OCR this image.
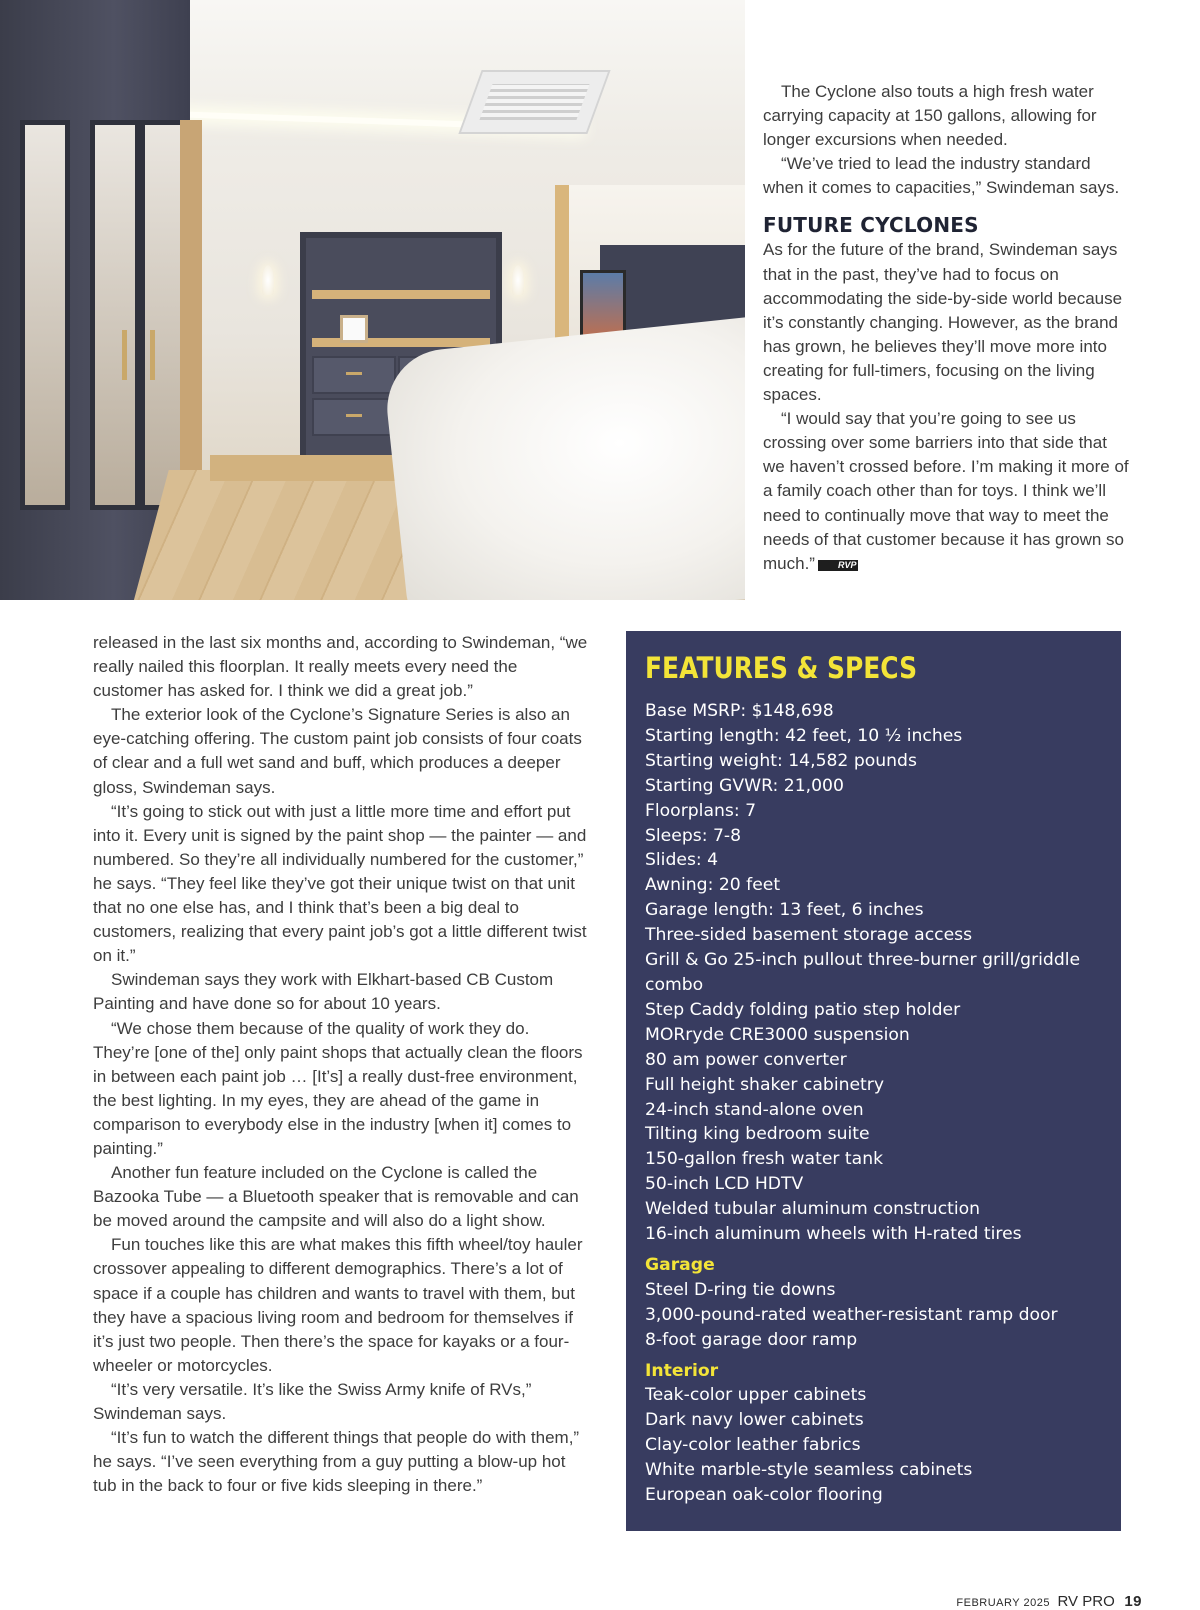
The Cyclone also touts a high fresh water carrying capacity at 150 gallons, allowing for longer excursions when needed.

“We’ve tried to lead the industry standard when it comes to capacities,” Swindeman says.

FUTURE CYCLONES

As for the future of the brand, Swindeman says that in the past, they’ve had to focus on accommodating the side-by-side world because it’s constantly changing. However, as the brand has grown, he believes they’ll move more into creating for full-timers, focusing on the living spaces.

“I would say that you’re going to see us crossing over some barriers into that side that we haven’t crossed before. I’m making it more of a family coach other than for toys. I think we’ll need to continually move that way to meet the needs of that customer because it has grown so much.”	RVP

released in the last six months and, according to Swindeman, “we really nailed this floorplan. It really meets every need the customer has asked for. I think we did a great job.”

The exterior look of the Cyclone’s Signature Series is also an eye-catching offering. The custom paint job consists of four coats of clear and a full wet sand and buff, which produces a deeper gloss, Swindeman says.

“It’s going to stick out with just a little more time and effort put into it. Every unit is signed by the paint shop — the painter — and numbered. So they’re all individually numbered for the customer,” he says. “They feel like they’ve got their unique twist on that unit that no one else has, and I think that’s been a big deal to customers, realizing that every paint job’s got a little different twist on it.”

Swindeman says they work with Elkhart-based CB Custom Painting and have done so for about 10 years.

“We chose them because of the quality of work they do. They’re [one of the] only paint shops that actually clean the floors in between each paint job … [It’s] a really dust-free environment, the best lighting. In my eyes, they are ahead of the game in comparison to everybody else in the industry [when it] comes to painting.”

Another fun feature included on the Cyclone is called the Bazooka Tube — a Bluetooth speaker that is removable and can be moved around the campsite and will also do a light show.

Fun touches like this are what makes this fifth wheel/toy hauler crossover appealing to different demographics. There’s a lot of space if a couple has children and wants to travel with them, but they have a spacious living room and bedroom for themselves if it’s just two people. Then there’s the space for kayaks or a four-wheeler or motorcycles.

“It’s very versatile. It’s like the Swiss Army knife of RVs,” Swindeman says.

“It’s fun to watch the different things that people do with them,” he says. “I’ve seen everything from a guy putting a blow-up hot tub in the back to four or five kids sleeping in there.”

FEATURES & SPECS
Base MSRP: $148,698
Starting length: 42 feet, 10 ½ inches
Starting weight: 14,582 pounds
Starting GVWR: 21,000
Floorplans: 7
Sleeps: 7-8
Slides: 4
Awning: 20 feet
Garage length: 13 feet, 6 inches
Three-sided basement storage access
Grill & Go 25-inch pullout three-burner grill/griddle combo
Step Caddy folding patio step holder
MORryde CRE3000 suspension
80 am power converter
Full height shaker cabinetry
24-inch stand-alone oven
Tilting king bedroom suite
150-gallon fresh water tank
50-inch LCD HDTV
Welded tubular aluminum construction
16-inch aluminum wheels with H-rated tires
Garage
Steel D-ring tie downs
3,000-pound-rated weather-resistant ramp door
8-foot garage door ramp
Interior
Teak-color upper cabinets
Dark navy lower cabinets
Clay-color leather fabrics
White marble-style seamless cabinets
European oak-color flooring
FEBRUARY 2025 RV PRO 19
